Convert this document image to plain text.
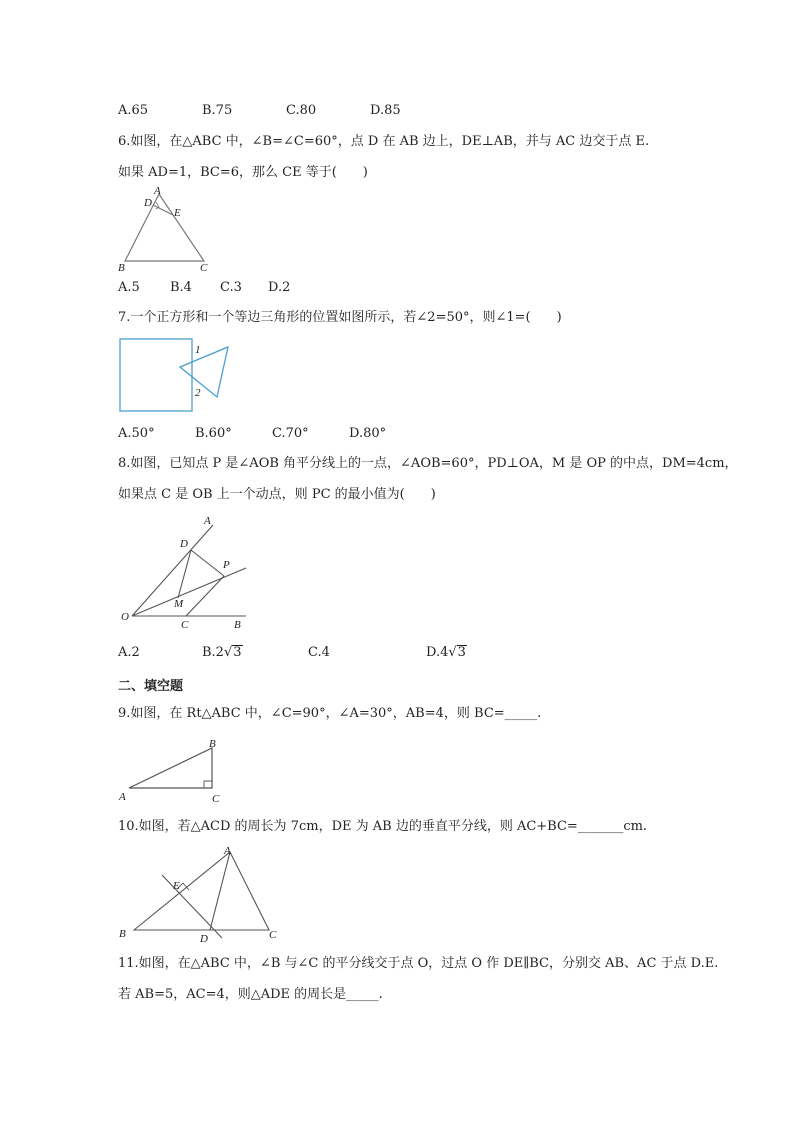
A.65	B.75	C.80	D.85
6.如图，在△ABC 中，∠B=∠C=60°，点 D 在 AB 边上，DE⊥AB，并与 AC 边交于点 E.
如果 AD=1，BC=6，那么 CE 等于(　　)
A
D
E
B	C
A.5 B.4 C.3 D.2
7.一个正方形和一个等边三角形的位置如图所示，若∠2=50°，则∠1=(　　)
1
2
A.50°	B.60°	C.70°	D.80°
8.如图，已知点 P 是∠AOB 角平分线上的一点，∠AOB=60°，PD⊥OA，M 是 OP 的中点，DM=4cm，
如果点 C 是 OB 上一个动点，则 PC 的最小值为(　　)
A
D
P
M
O
C	B
A.2	B.2√3	C.4	D.4√3
二、填空题
9.如图，在 Rt△ABC 中，∠C=90°，∠A=30°，AB=4，则 BC=_____.
B
A	C
10.如图，若△ACD 的周长为 7cm，DE 为 AB 边的垂直平分线，则 AC+BC=_______cm.
A
E
B	D	C
11.如图，在△ABC 中，∠B 与∠C 的平分线交于点 O，过点 O 作 DE∥BC，分别交 AB、AC 于点 D.E.
若 AB=5，AC=4，则△ADE 的周长是_____.
